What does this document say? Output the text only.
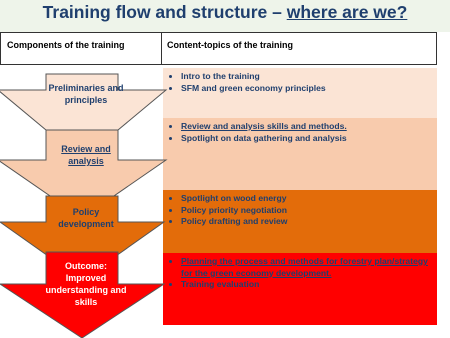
Training flow and structure – where are we?
Components of the training	Content-topics of the training
• Intro to the training
• SFM and green economy principles
• Review and analysis skills and methods.
• Spotlight on data gathering and analysis
• Spotlight on wood energy
• Policy priority negotiation
• Policy drafting and review
• Planning the process and methods for forestry plan/strategy for the green economy development.
• Training evaluation
Preliminaries and principles
Review and analysis
Policy development
Outcome: Improved understanding and skills
